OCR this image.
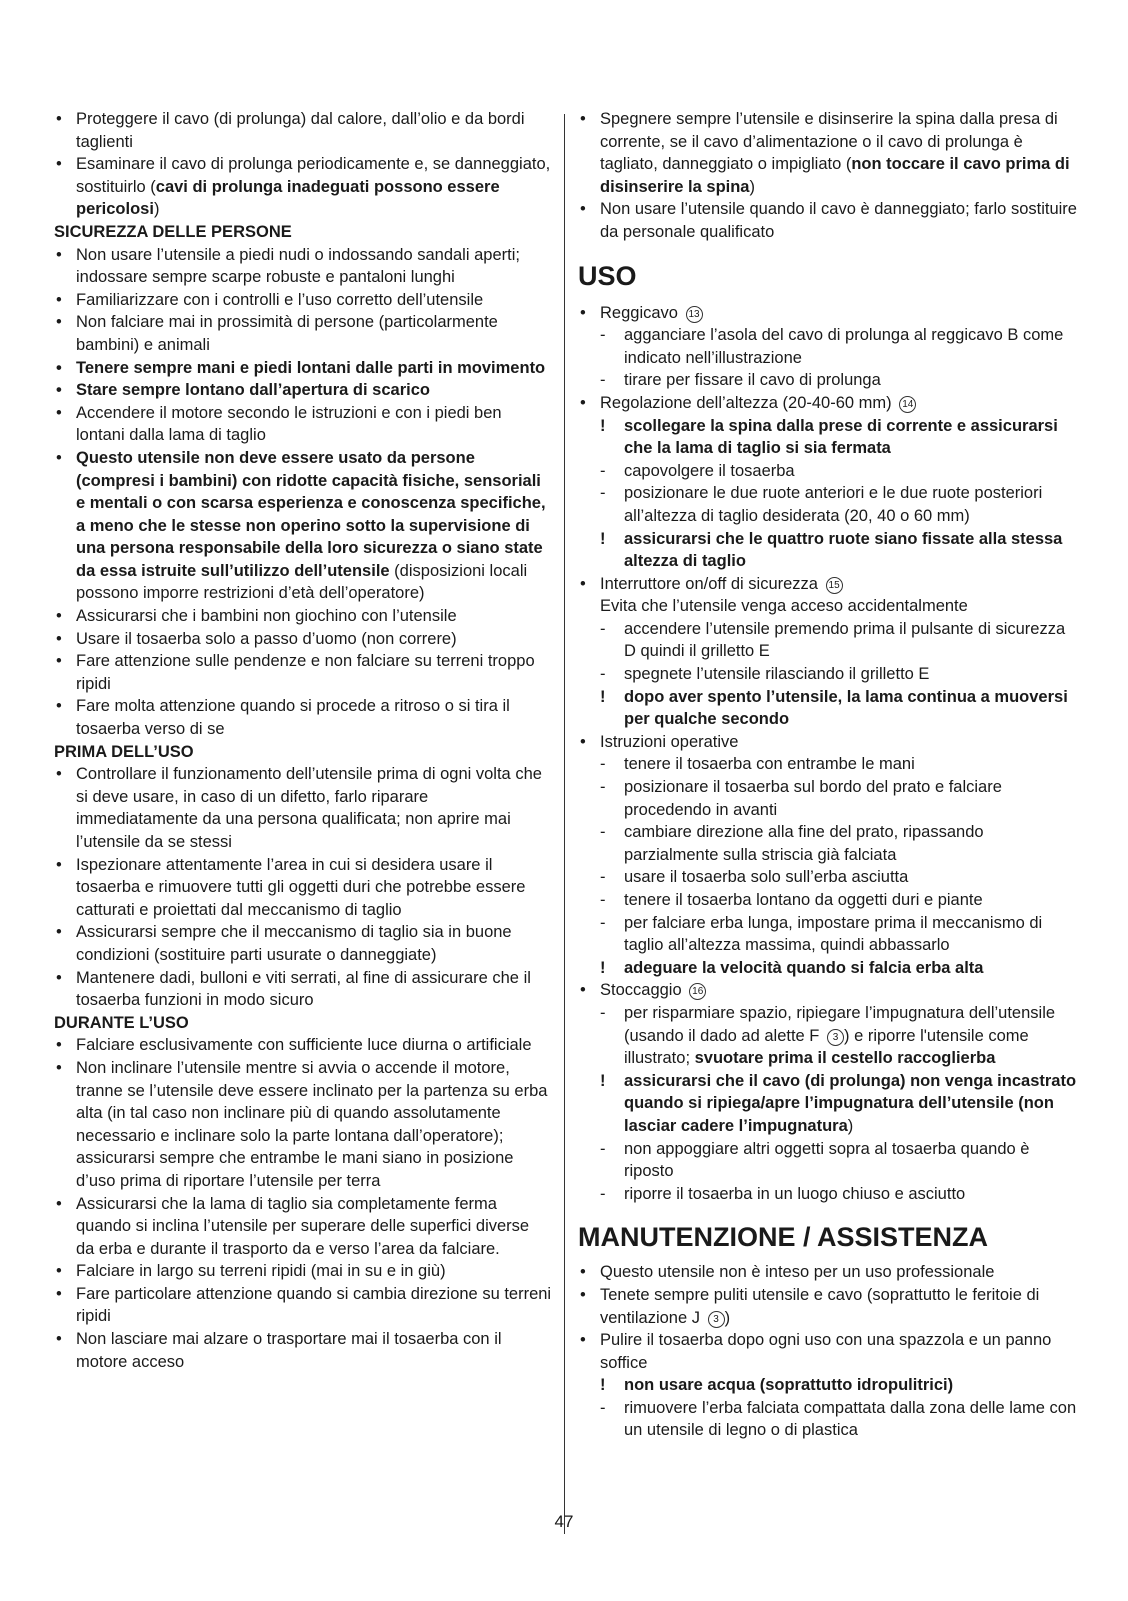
• Proteggere il cavo (di prolunga) dal calore, dall’olio e da bordi taglienti
• Esaminare il cavo di prolunga periodicamente e, se danneggiato, sostituirlo (cavi di prolunga inadeguati possono essere pericolosi)
SICUREZZA DELLE PERSONE
• Non usare l’utensile a piedi nudi o indossando sandali aperti; indossare sempre scarpe robuste e pantaloni lunghi
• Familiarizzare con i controlli e l’uso corretto dell’utensile
• Non falciare mai in prossimità di persone (particolarmente bambini) e animali
• Tenere sempre mani e piedi lontani dalle parti in movimento
• Stare sempre lontano dall’apertura di scarico
• Accendere il motore secondo le istruzioni e con i piedi ben lontani dalla lama di taglio
• Questo utensile non deve essere usato da persone (compresi i bambini) con ridotte capacità fisiche, sensoriali e mentali o con scarsa esperienza e conoscenza specifiche, a meno che le stesse non operino sotto la supervisione di una persona responsabile della loro sicurezza o siano state da essa istruite sull’utilizzo dell’utensile (disposizioni locali possono imporre restrizioni d’età dell’operatore)
• Assicurarsi che i bambini non giochino con l’utensile
• Usare il tosaerba solo a passo d’uomo (non correre)
• Fare attenzione sulle pendenze e non falciare su terreni troppo ripidi
• Fare molta attenzione quando si procede a ritroso o si tira il tosaerba verso di se
PRIMA DELL’USO
• Controllare il funzionamento dell’utensile prima di ogni volta che si deve usare, in caso di un difetto, farlo riparare immediatamente da una persona qualificata; non aprire mai l’utensile da se stessi
• Ispezionare attentamente l’area in cui si desidera usare il tosaerba e rimuovere tutti gli oggetti duri che potrebbe essere catturati e proiettati dal meccanismo di taglio
• Assicurarsi sempre che il meccanismo di taglio sia in buone condizioni (sostituire parti usurate o danneggiate)
• Mantenere dadi, bulloni e viti serrati, al fine di assicurare che il tosaerba funzioni in modo sicuro
DURANTE L’USO
• Falciare esclusivamente con sufficiente luce diurna o artificiale
• Non inclinare l’utensile mentre si avvia o accende il motore, tranne se l’utensile deve essere inclinato per la partenza su erba alta (in tal caso non inclinare più di quando assolutamente necessario e inclinare solo la parte lontana dall’operatore); assicurarsi sempre che entrambe le mani siano in posizione d’uso prima di riportare l’utensile per terra
• Assicurarsi che la lama di taglio sia completamente ferma quando si inclina l’utensile per superare delle superfici diverse da erba e durante il trasporto da e verso l’area da falciare.
• Falciare in largo su terreni ripidi (mai in su e in giù)
• Fare particolare attenzione quando si cambia direzione su terreni ripidi
• Non lasciare mai alzare o trasportare mai il tosaerba con il motore acceso
• Spegnere sempre l’utensile e disinserire la spina dalla presa di corrente, se il cavo d’alimentazione o il cavo di prolunga è tagliato, danneggiato o impigliato (non toccare il cavo prima di disinserire la spina)
• Non usare l’utensile quando il cavo è danneggiato; farlo sostituire da personale qualificato
USO
• Reggicavo 13
- agganciare l’asola del cavo di prolunga al reggicavo B come indicato nell’illustrazione
- tirare per fissare il cavo di prolunga
• Regolazione dell’altezza (20-40-60 mm) 14
! scollegare la spina dalla prese di corrente e assicurarsi che la lama di taglio si sia fermata
- capovolgere il tosaerba
- posizionare le due ruote anteriori e le due ruote posteriori all’altezza di taglio desiderata (20, 40 o 60 mm)
! assicurarsi che le quattro ruote siano fissate alla stessa altezza di taglio
• Interruttore on/off di sicurezza 15
Evita che l’utensile venga acceso accidentalmente
- accendere l’utensile premendo prima il pulsante di sicurezza D quindi il grilletto E
- spegnete l’utensile rilasciando il grilletto E
! dopo aver spento l’utensile, la lama continua a muoversi per qualche secondo
• Istruzioni operative
- tenere il tosaerba con entrambe le mani
- posizionare il tosaerba sul bordo del prato e falciare procedendo in avanti
- cambiare direzione alla fine del prato, ripassando parzialmente sulla striscia già falciata
- usare il tosaerba solo sull’erba asciutta
- tenere il tosaerba lontano da oggetti duri e piante
- per falciare erba lunga, impostare prima il meccanismo di taglio all’altezza massima, quindi abbassarlo
! adeguare la velocità quando si falcia erba alta
• Stoccaggio 16
- per risparmiare spazio, ripiegare l’impugnatura dell’utensile (usando il dado ad alette F 3 ) e riporre l'utensile come illustrato; svuotare prima il cestello raccoglierba
! assicurarsi che il cavo (di prolunga) non venga incastrato quando si ripiega/apre l’impugnatura dell’utensile (non lasciar cadere l’impugnatura)
- non appoggiare altri oggetti sopra al tosaerba quando è riposto
- riporre il tosaerba in un luogo chiuso e asciutto
MANUTENZIONE / ASSISTENZA
• Questo utensile non è inteso per un uso professionale
• Tenete sempre puliti utensile e cavo (soprattutto le feritoie di ventilazione J 3 )
• Pulire il tosaerba dopo ogni uso con una spazzola e un panno soffice
! non usare acqua (soprattutto idropulitrici)
- rimuovere l’erba falciata compattata dalla zona delle lame con un utensile di legno o di plastica
47
